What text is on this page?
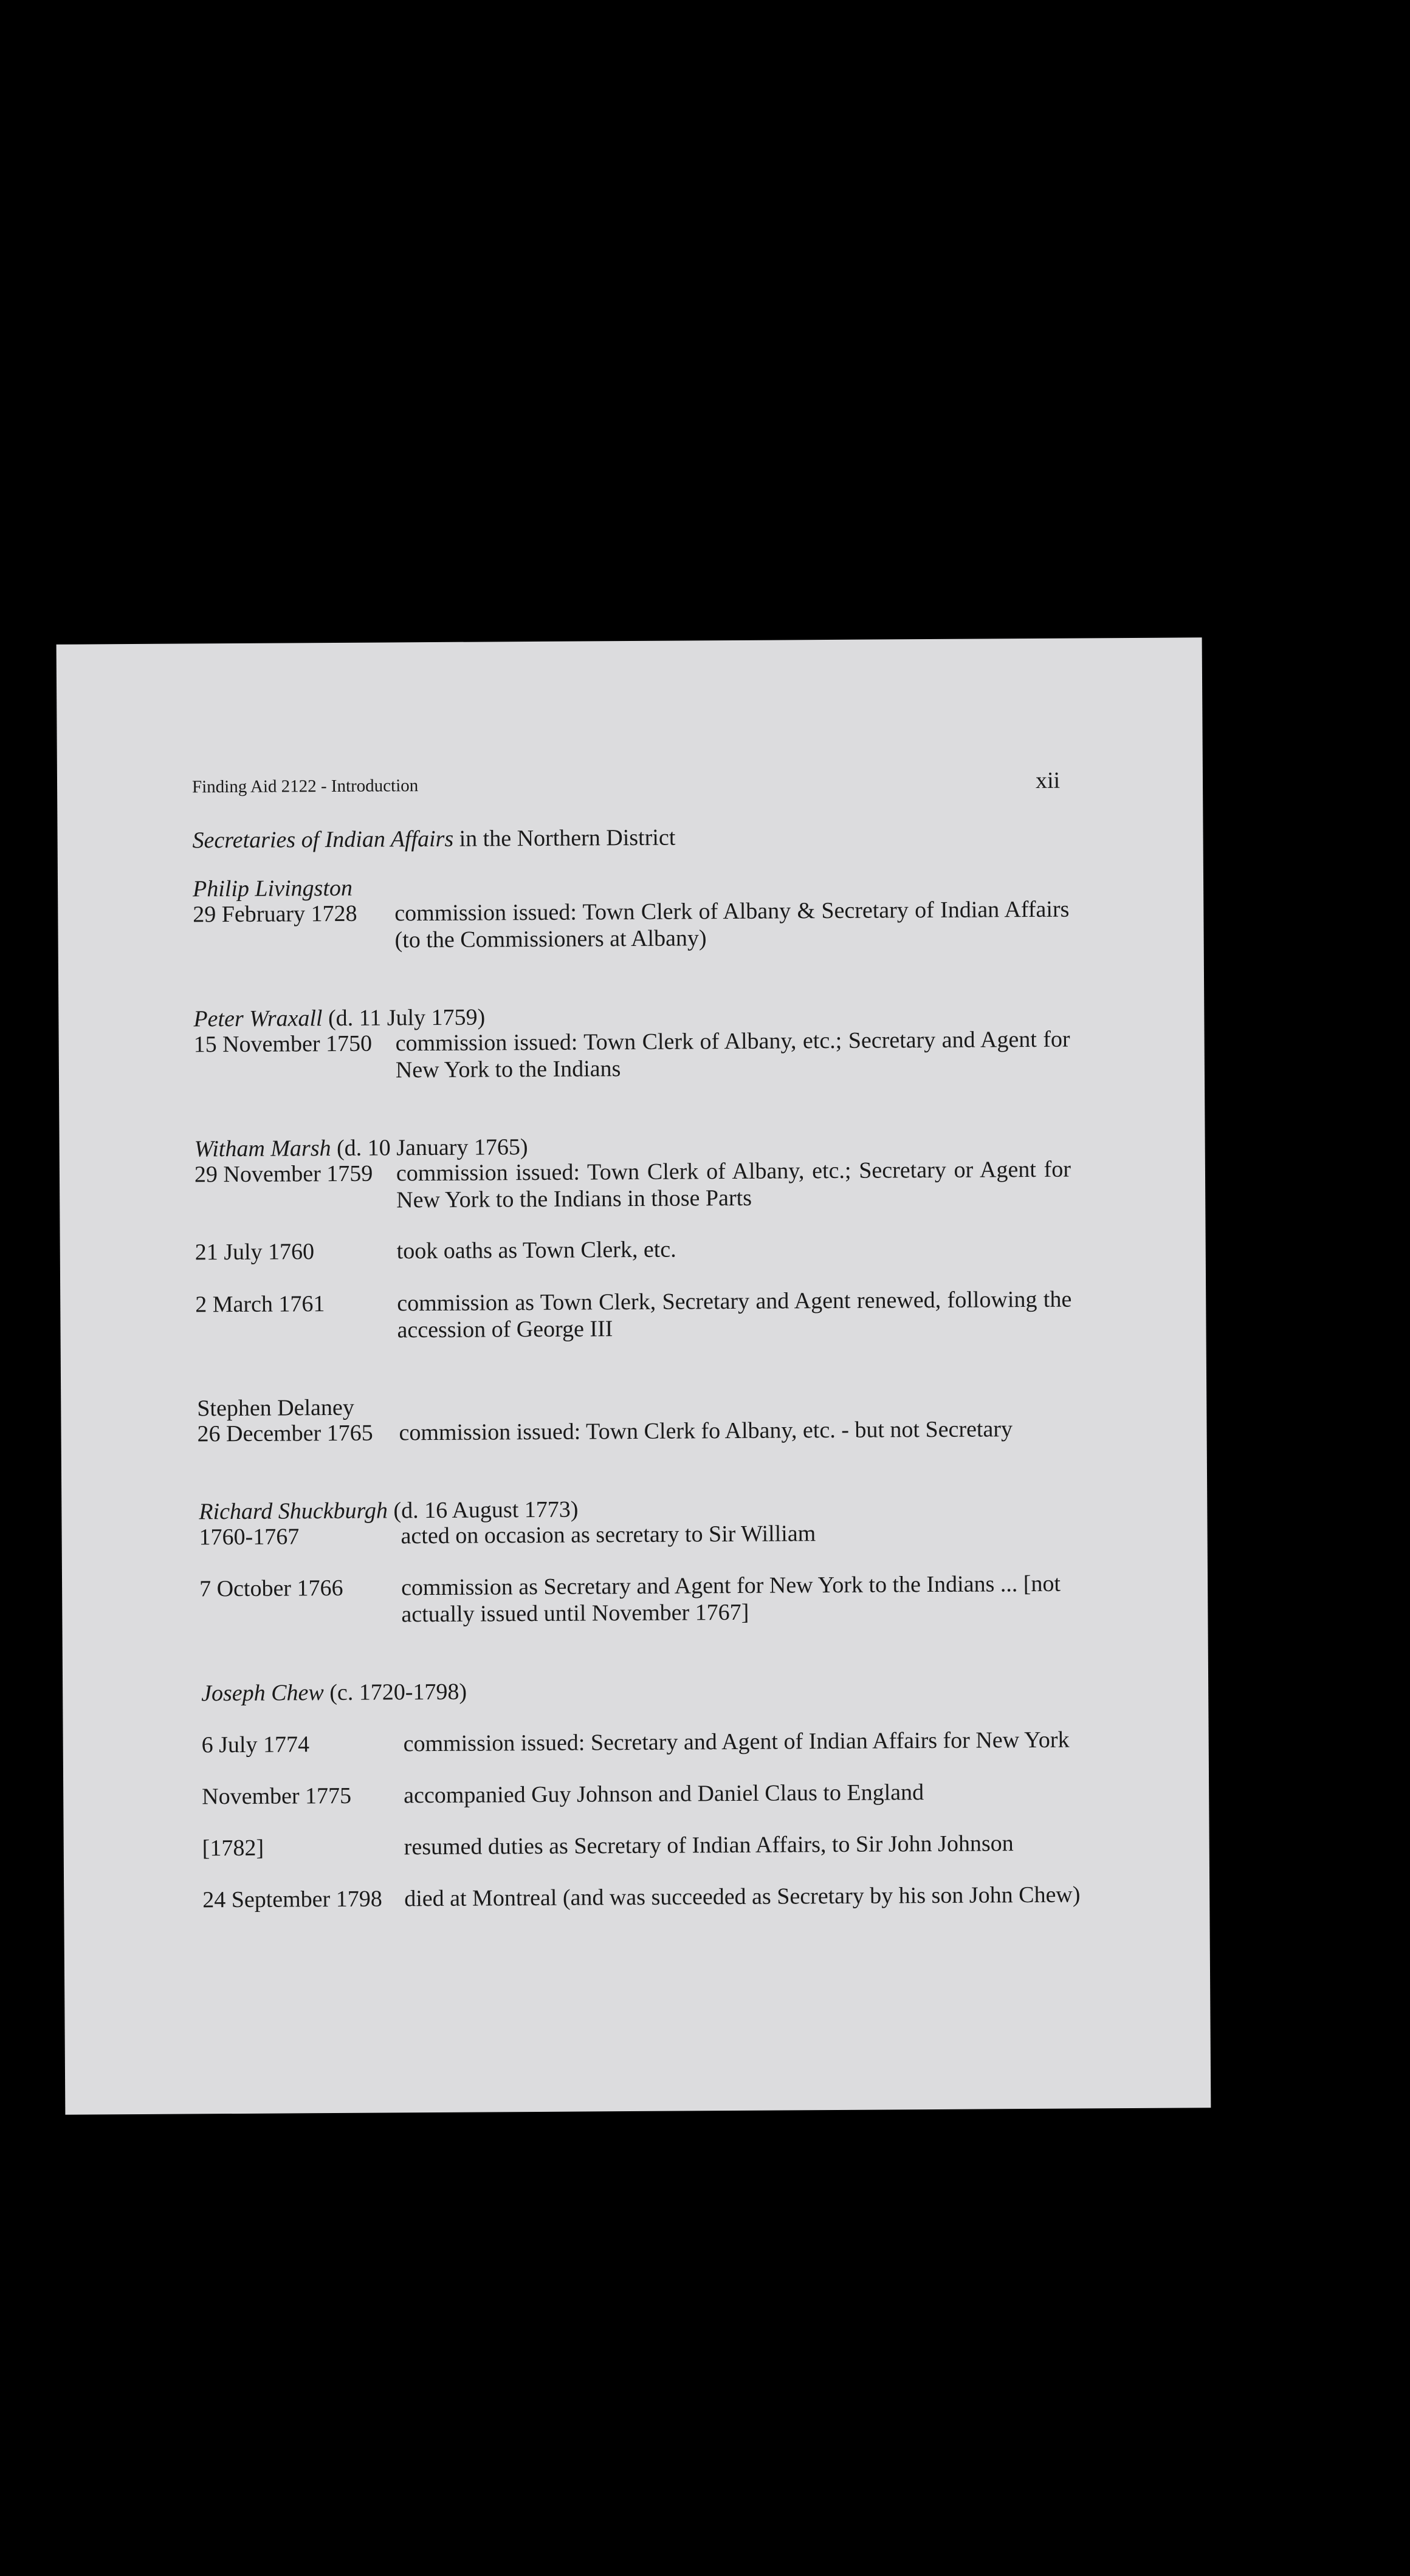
Finding Aid 2122 - Introduction	xii
Secretaries of Indian Affairs in the Northern District
Philip Livingston
29 February 1728 commission issued: Town Clerk of Albany & Secretary of Indian Affairs (to the Commissioners at Albany)
Peter Wraxall (d. 11 July 1759)
15 November 1750 commission issued: Town Clerk of Albany, etc.; Secretary and Agent for New York to the Indians
Witham Marsh (d. 10 January 1765)
29 November 1759 commission issued: Town Clerk of Albany, etc.; Secretary or Agent for New York to the Indians in those Parts
21 July 1760	took oaths as Town Clerk, etc.
2 March 1761	commission as Town Clerk, Secretary and Agent renewed, following the accession of George III
Stephen Delaney
26 December 1765 commission issued: Town Clerk fo Albany, etc. - but not Secretary
Richard Shuckburgh (d. 16 August 1773)
1760-1767	acted on occasion as secretary to Sir William
7 October 1766	commission as Secretary and Agent for New York to the Indians ... [not actually issued until November 1767]
Joseph Chew (c. 1720-1798)
6 July 1774	commission issued: Secretary and Agent of Indian Affairs for New York
November 1775 accompanied Guy Johnson and Daniel Claus to England
[1782]	resumed duties as Secretary of Indian Affairs, to Sir John Johnson
24 September 1798 died at Montreal (and was succeeded as Secretary by his son John Chew)
